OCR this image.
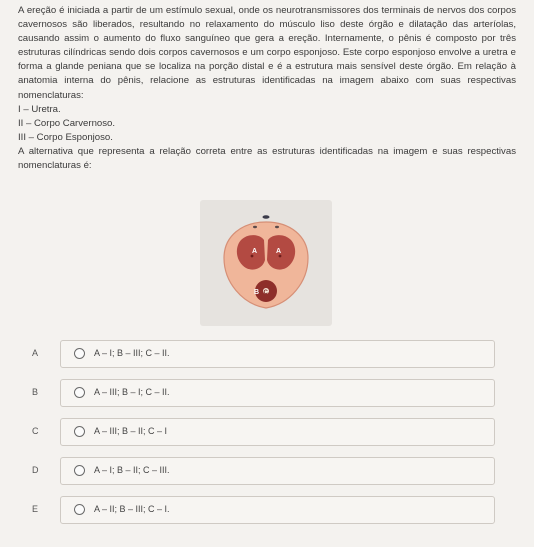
A ereção é iniciada a partir de um estímulo sexual, onde os neurotransmissores dos terminais de nervos dos corpos cavernosos são liberados, resultando no relaxamento do músculo liso deste órgão e dilatação das arteríolas, causando assim o aumento do fluxo sanguíneo que gera a ereção. Internamente, o pênis é composto por três estruturas cilíndricas sendo dois corpos cavernosos e um corpo esponjoso. Este corpo esponjoso envolve a uretra e forma a glande peniana que se localiza na porção distal e é a estrutura mais sensível deste órgão. Em relação à anatomia interna do pênis, relacione as estruturas identificadas na imagem abaixo com suas respectivas nomenclaturas:

I – Uretra.

II – Corpo Carvernoso.

III – Corpo Esponjoso.

A alternativa que representa a relação correta entre as estruturas identificadas na imagem e suas respectivas nomenclaturas é:

A	A
B C
A	A – I; B – III; C – II.
B	A – III; B – I; C – II.
C	A – III; B – II; C – I
D	A – I; B – II; C – III.
E	A – II; B – III; C – I.
